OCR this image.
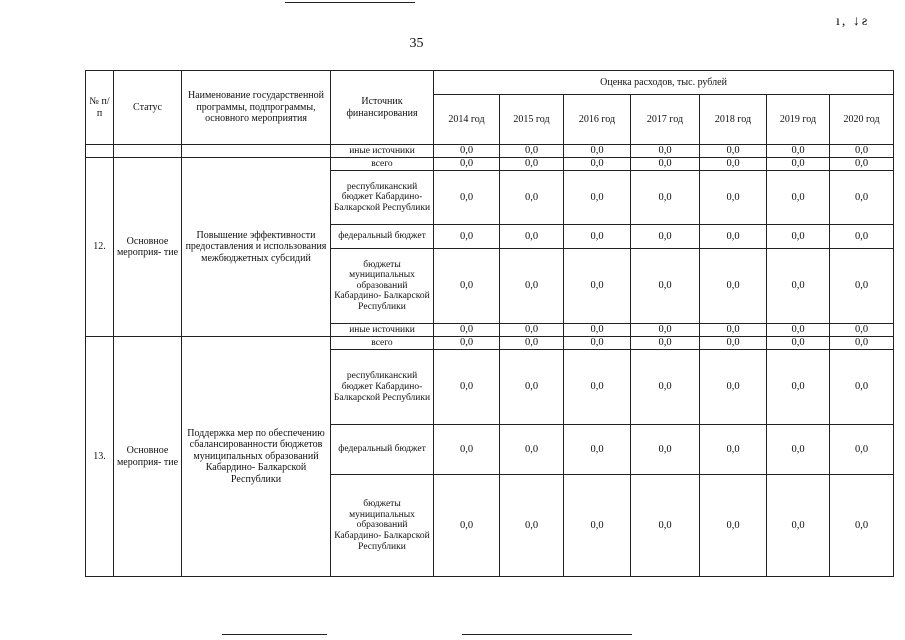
ı, ↓ƨ
35
№ п/п	Статус	Наименование государственной программы, подпрограммы, основного мероприятия	Источник финансирования	Оценка расходов, тыс. рублей						
				2014 год	2015 год	2016 год	2017 год	2018 год	2019 год	2020 год
			иные источники	0,0	0,0	0,0	0,0	0,0	0,0	0,0
12.	Основное мероприя- тие	Повышение эффективности предоставления и использования межбюджетных субсидий	всего	0,0	0,0	0,0	0,0	0,0	0,0	0,0
			республиканский бюджет Кабардино- Балкарской Республики	0,0	0,0	0,0	0,0	0,0	0,0	0,0
			федеральный бюджет	0,0	0,0	0,0	0,0	0,0	0,0	0,0
			бюджеты муниципальных образований Кабардино- Балкарской Республики	0,0	0,0	0,0	0,0	0,0	0,0	0,0
			иные источники	0,0	0,0	0,0	0,0	0,0	0,0	0,0
13.	Основное мероприя- тие	Поддержка мер по обеспечению сбалансированности бюджетов муниципальных образований Кабардино- Балкарской Республики	всего	0,0	0,0	0,0	0,0	0,0	0,0	0,0
			республиканский бюджет Кабардино- Балкарской Республики	0,0	0,0	0,0	0,0	0,0	0,0	0,0
			федеральный бюджет	0,0	0,0	0,0	0,0	0,0	0,0	0,0
			бюджеты муниципальных образований Кабардино- Балкарской Республики	0,0	0,0	0,0	0,0	0,0	0,0	0,0
